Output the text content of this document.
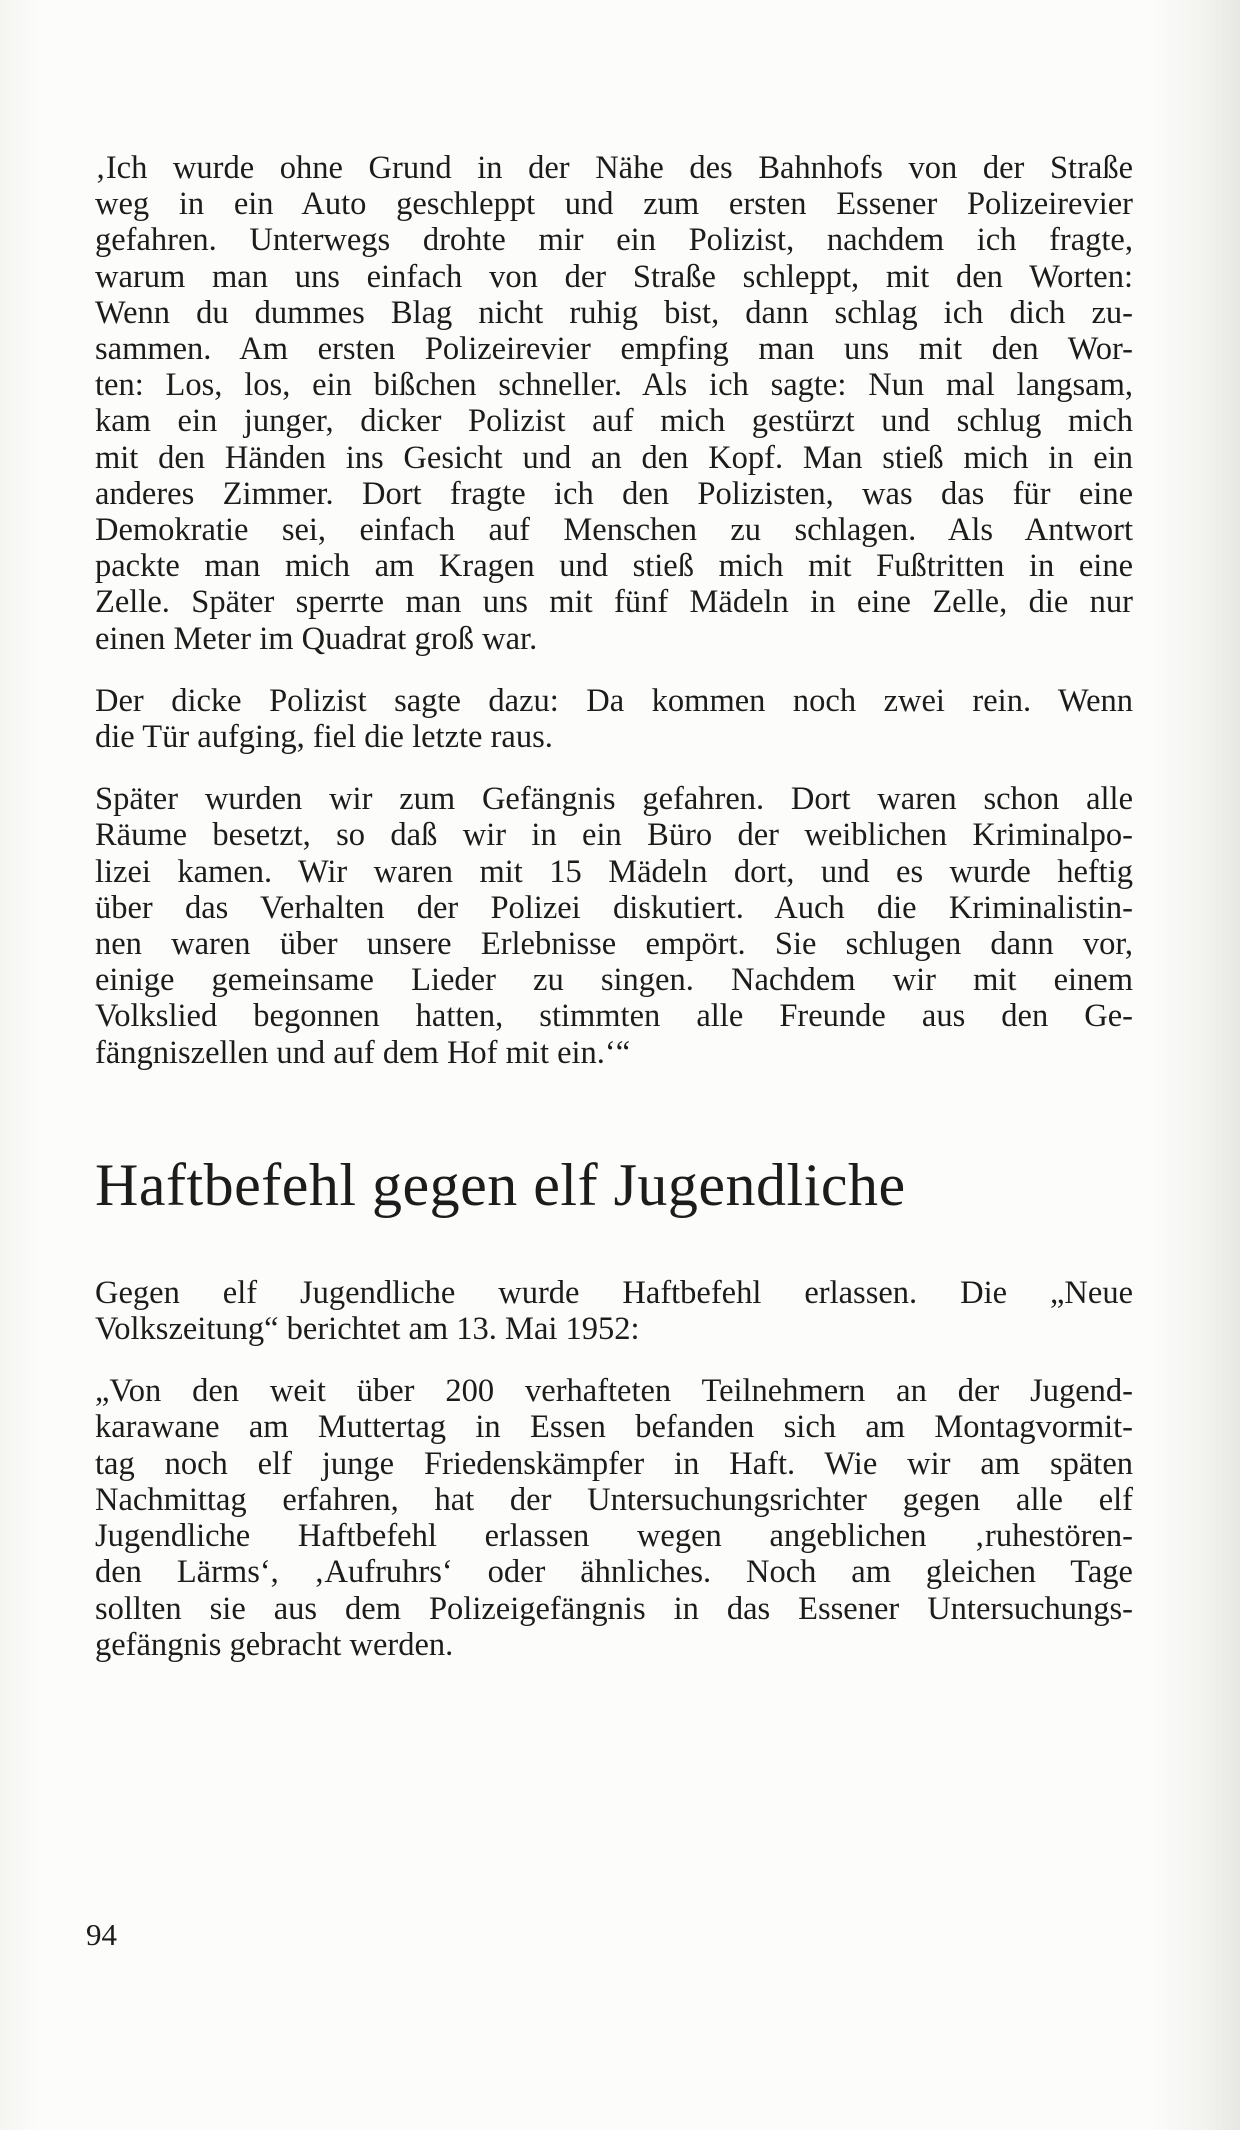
‚Ich wurde ohne Grund in der Nähe des Bahnhofs von der Straße
weg in ein Auto geschleppt und zum ersten Essener Polizeirevier
gefahren. Unterwegs drohte mir ein Polizist, nachdem ich fragte,
warum man uns einfach von der Straße schleppt, mit den Worten:
Wenn du dummes Blag nicht ruhig bist, dann schlag ich dich zu-
sammen. Am ersten Polizeirevier empfing man uns mit den Wor-
ten: Los, los, ein bißchen schneller. Als ich sagte: Nun mal langsam,
kam ein junger, dicker Polizist auf mich gestürzt und schlug mich
mit den Händen ins Gesicht und an den Kopf. Man stieß mich in ein
anderes Zimmer. Dort fragte ich den Polizisten, was das für eine
Demokratie sei, einfach auf Menschen zu schlagen. Als Antwort
packte man mich am Kragen und stieß mich mit Fußtritten in eine
Zelle. Später sperrte man uns mit fünf Mädeln in eine Zelle, die nur
einen Meter im Quadrat groß war.
Der dicke Polizist sagte dazu: Da kommen noch zwei rein. Wenn
die Tür aufging, fiel die letzte raus.
Später wurden wir zum Gefängnis gefahren. Dort waren schon alle
Räume besetzt, so daß wir in ein Büro der weiblichen Kriminalpo-
lizei kamen. Wir waren mit 15 Mädeln dort, und es wurde heftig
über das Verhalten der Polizei diskutiert. Auch die Kriminalistin-
nen waren über unsere Erlebnisse empört. Sie schlugen dann vor,
einige gemeinsame Lieder zu singen. Nachdem wir mit einem
Volkslied begonnen hatten, stimmten alle Freunde aus den Ge-
fängniszellen und auf dem Hof mit ein.‘“
Haftbefehl gegen elf Jugendliche
Gegen elf Jugendliche wurde Haftbefehl erlassen. Die „Neue
Volkszeitung“ berichtet am 13. Mai 1952:
„Von den weit über 200 verhafteten Teilnehmern an der Jugend-
karawane am Muttertag in Essen befanden sich am Montagvormit-
tag noch elf junge Friedenskämpfer in Haft. Wie wir am späten
Nachmittag erfahren, hat der Untersuchungsrichter gegen alle elf
Jugendliche Haftbefehl erlassen wegen angeblichen ‚ruhestören-
den Lärms‘, ‚Aufruhrs‘ oder ähnliches. Noch am gleichen Tage
sollten sie aus dem Polizeigefängnis in das Essener Untersuchungs-
gefängnis gebracht werden.
94
